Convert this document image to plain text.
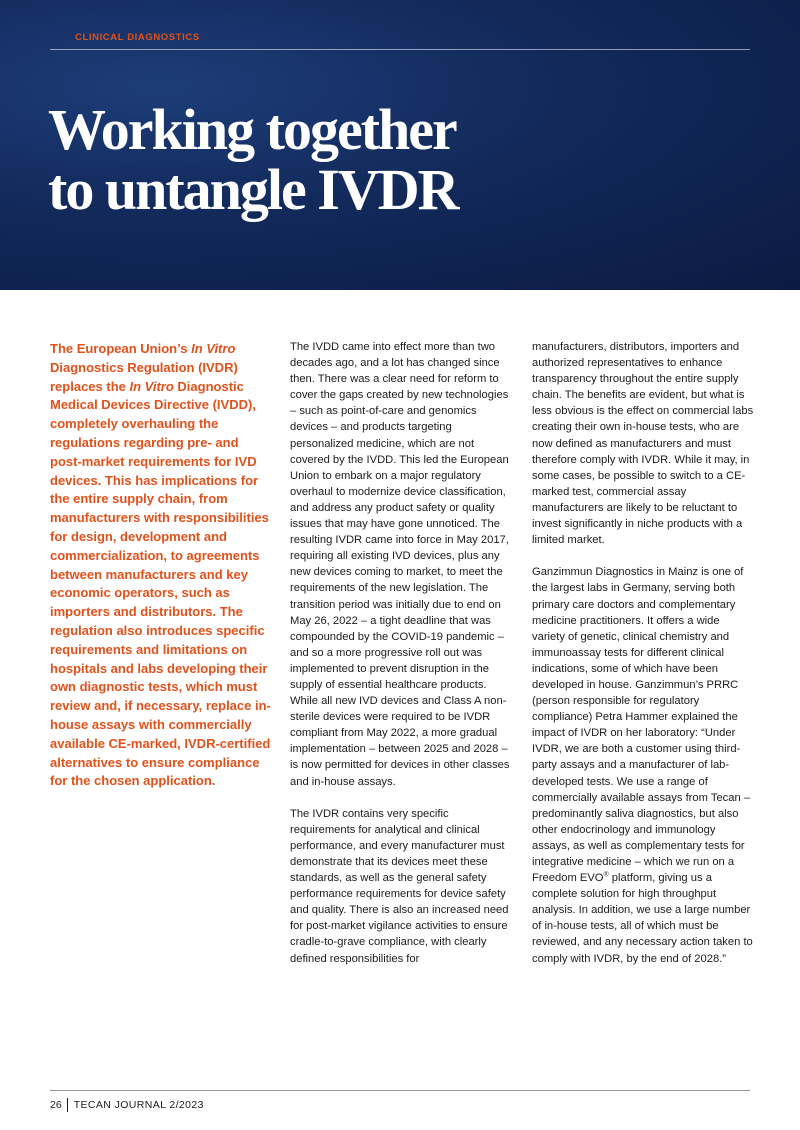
CLINICAL DIAGNOSTICS
Working together
to untangle IVDR

The European Union’s In Vitro Diagnostics Regulation (IVDR) replaces the In Vitro Diagnostic Medical Devices Directive (IVDD), completely overhauling the regulations regarding pre- and post-market requirements for IVD devices. This has implications for the entire supply chain, from manufacturers with responsibilities for design, development and commercialization, to agreements between manufacturers and key economic operators, such as importers and distributors. The regulation also introduces specific requirements and limitations on hospitals and labs developing their own diagnostic tests, which must review and, if necessary, replace in-house assays with commercially available CE-marked, IVDR-certified alternatives to ensure compliance for the chosen application.

The IVDD came into effect more than two decades ago, and a lot has changed since then. There was a clear need for reform to cover the gaps created by new technologies – such as point-of-care and genomics devices – and products targeting personalized medicine, which are not covered by the IVDD. This led the European Union to embark on a major regulatory overhaul to modernize device classification, and address any product safety or quality issues that may have gone unnoticed. The resulting IVDR came into force in May 2017, requiring all existing IVD devices, plus any new devices coming to market, to meet the requirements of the new legislation. The transition period was initially due to end on May 26, 2022 – a tight deadline that was compounded by the COVID-19 pandemic – and so a more progressive roll out was implemented to prevent disruption in the supply of essential healthcare products. While all new IVD devices and Class A non-sterile devices were required to be IVDR compliant from May 2022, a more gradual implementation – between 2025 and 2028 – is now permitted for devices in other classes and in-house assays.

The IVDR contains very specific requirements for analytical and clinical performance, and every manufacturer must demonstrate that its devices meet these standards, as well as the general safety performance requirements for device safety and quality. There is also an increased need for post-market vigilance activities to ensure cradle-to-grave compliance, with clearly defined responsibilities for

manufacturers, distributors, importers and authorized representatives to enhance transparency throughout the entire supply chain. The benefits are evident, but what is less obvious is the effect on commercial labs creating their own in-house tests, who are now defined as manufacturers and must therefore comply with IVDR. While it may, in some cases, be possible to switch to a CE-marked test, commercial assay manufacturers are likely to be reluctant to invest significantly in niche products with a limited market.

Ganzimmun Diagnostics in Mainz is one of the largest labs in Germany, serving both primary care doctors and complementary medicine practitioners. It offers a wide variety of genetic, clinical chemistry and immunoassay tests for different clinical indications, some of which have been developed in house. Ganzimmun’s PRRC (person responsible for regulatory compliance) Petra Hammer explained the impact of IVDR on her laboratory: “Under IVDR, we are both a customer using third-party assays and a manufacturer of lab-developed tests. We use a range of commercially available assays from Tecan – predominantly saliva diagnostics, but also other endocrinology and immunology assays, as well as complementary tests for integrative medicine – which we run on a Freedom EVO® platform, giving us a complete solution for high throughput analysis. In addition, we use a large number of in-house tests, all of which must be reviewed, and any necessary action taken to comply with IVDR, by the end of 2028.”

26	TECAN JOURNAL 2/2023
